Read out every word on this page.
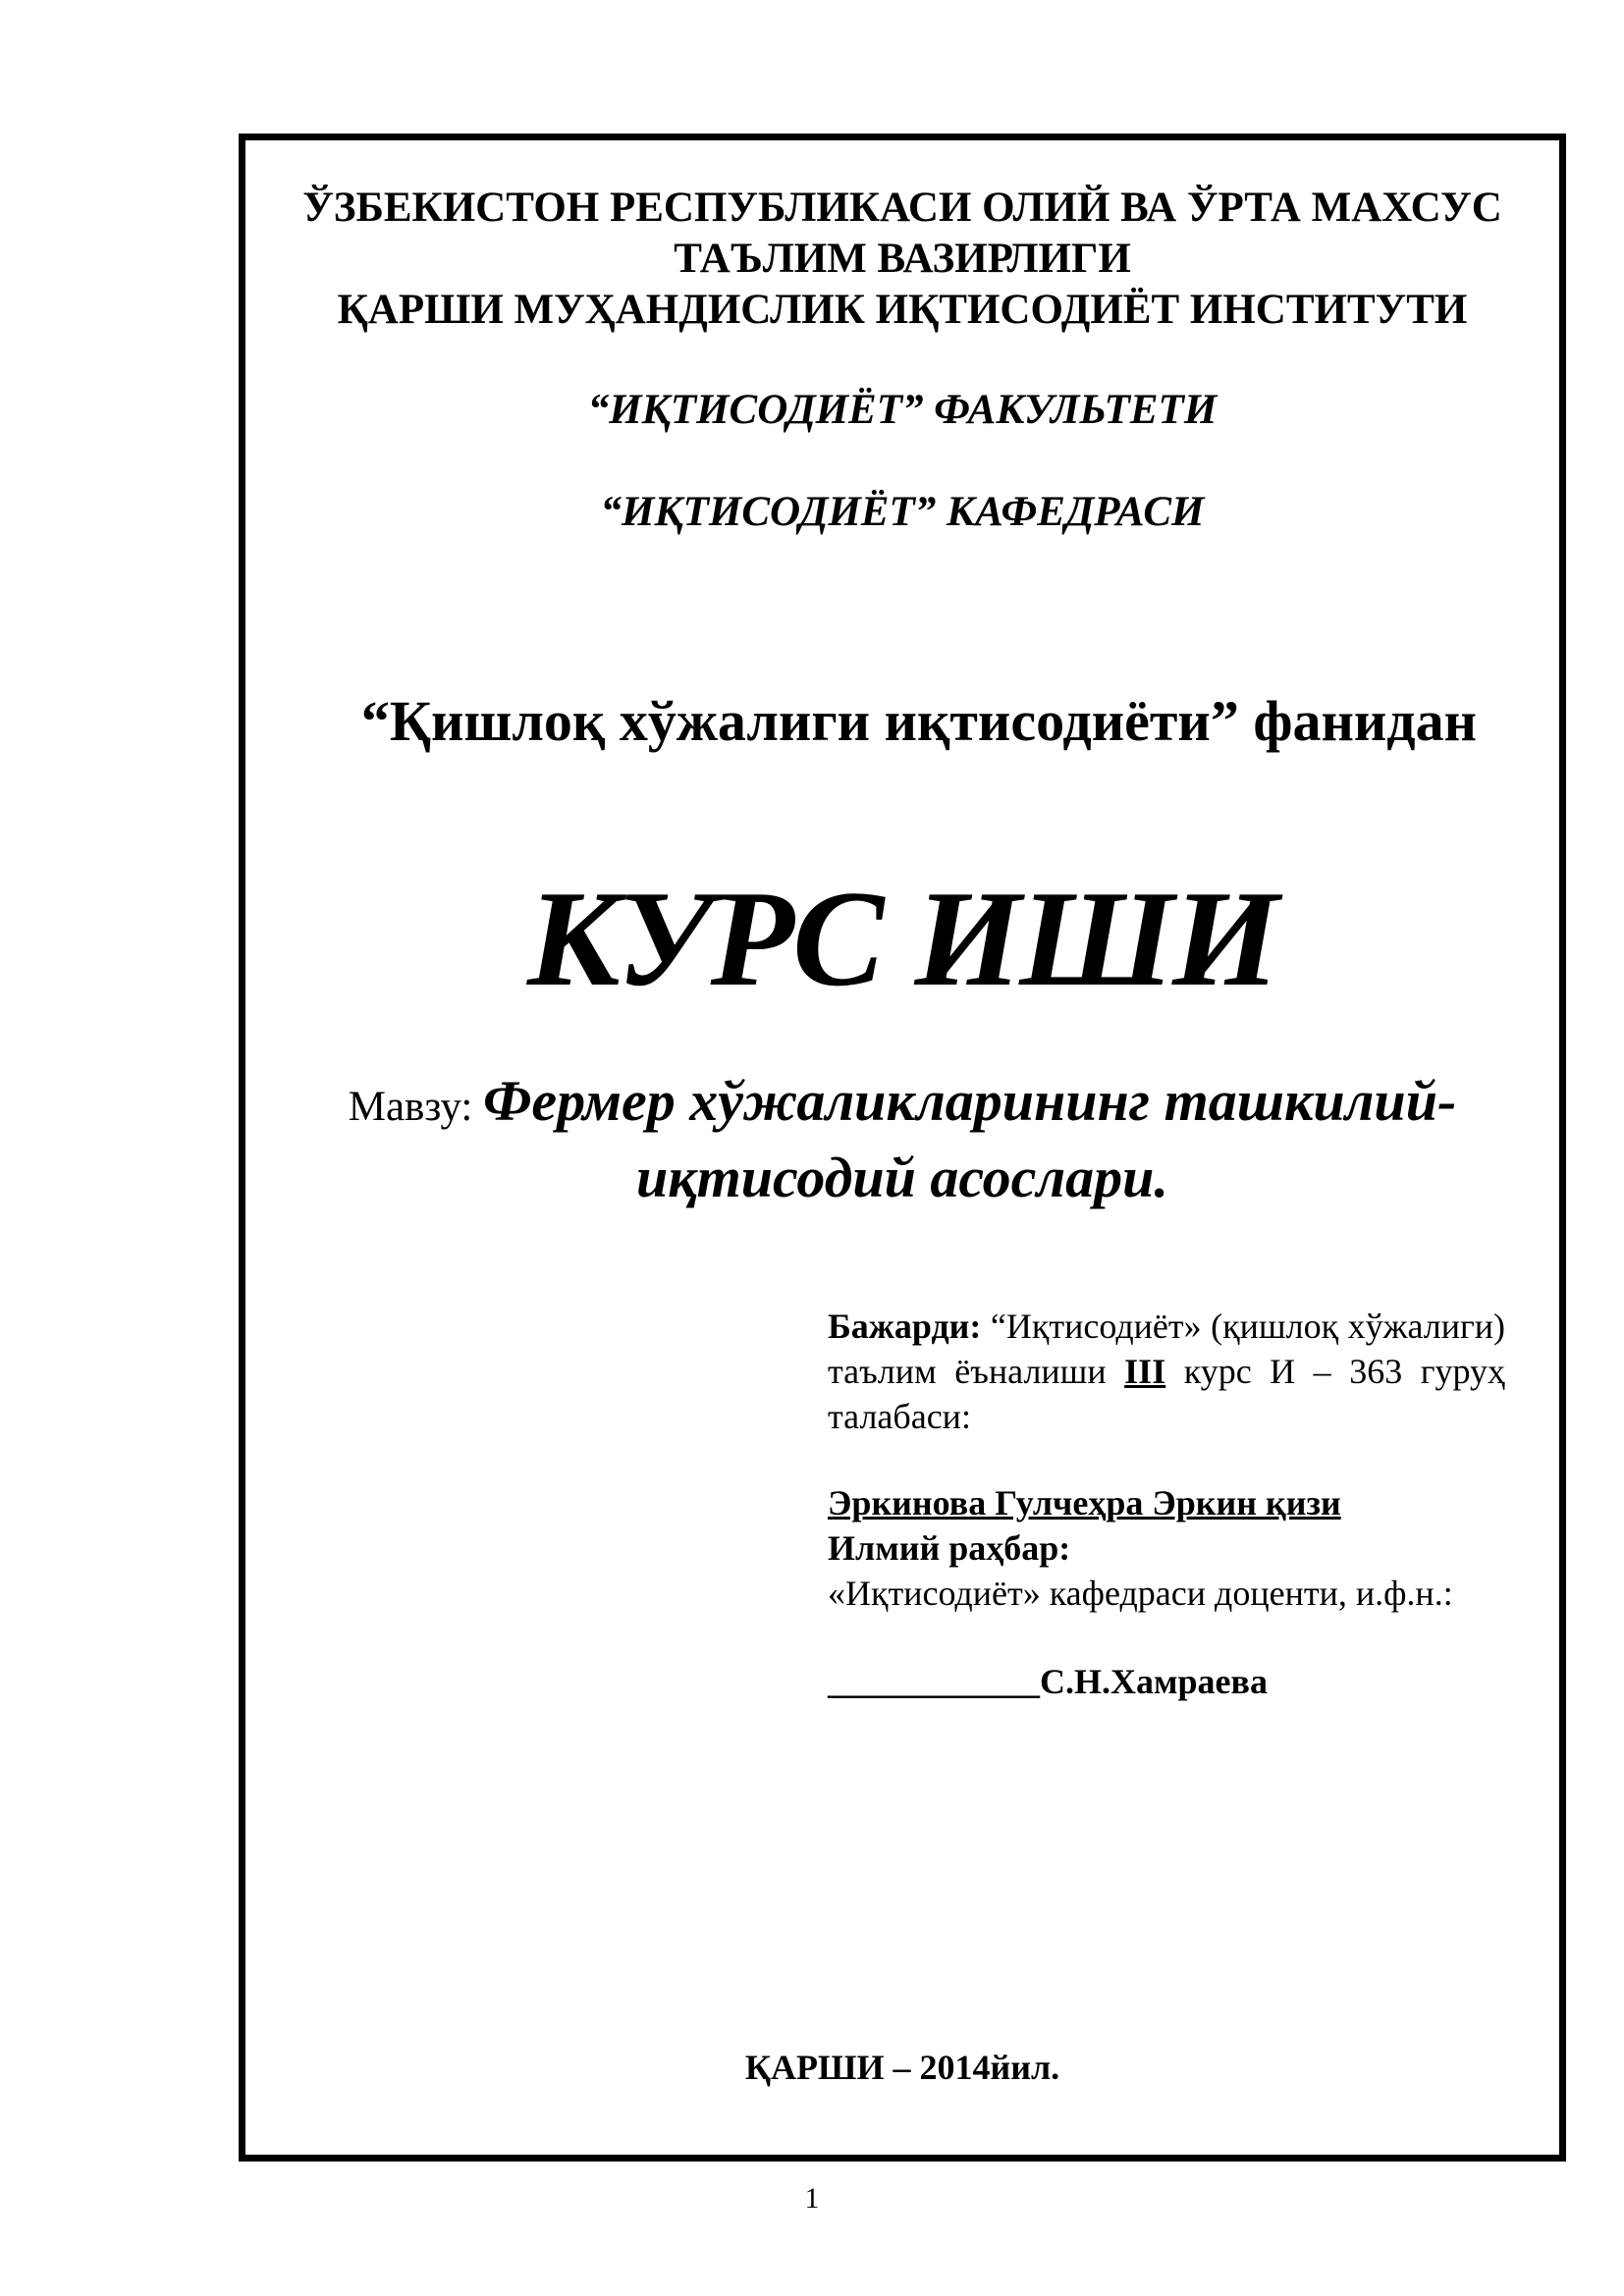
ЎЗБЕКИСТОН РЕСПУБЛИКАСИ ОЛИЙ ВА ЎРТА МАХСУС

ТАЪЛИМ ВАЗИРЛИГИ

ҚАРШИ МУҲАНДИСЛИК ИҚТИСОДИЁТ ИНСТИТУТИ

“ИҚТИСОДИЁТ” ФАКУЛЬТЕТИ

“ИҚТИСОДИЁТ” КАФЕДРАСИ

“Қишлоқ хўжалиги иқтисодиёти” фанидан

КУРС ИШИ

Мавзу: Фермер хўжаликларининг ташкилий-

иқтисодий асослари.

Бажарди: “Иқтисодиёт» (қишлоқ хўжалиги) таълим ёъналиши III курс И – 363 гуруҳ талабаси:

Эркинова Гулчеҳра Эркин қизи

Илмий раҳбар:

«Иқтисодиёт» кафедраси доценти, и.ф.н.:

____________С.Н.Хамраева

ҚАРШИ – 2014йил.

1
